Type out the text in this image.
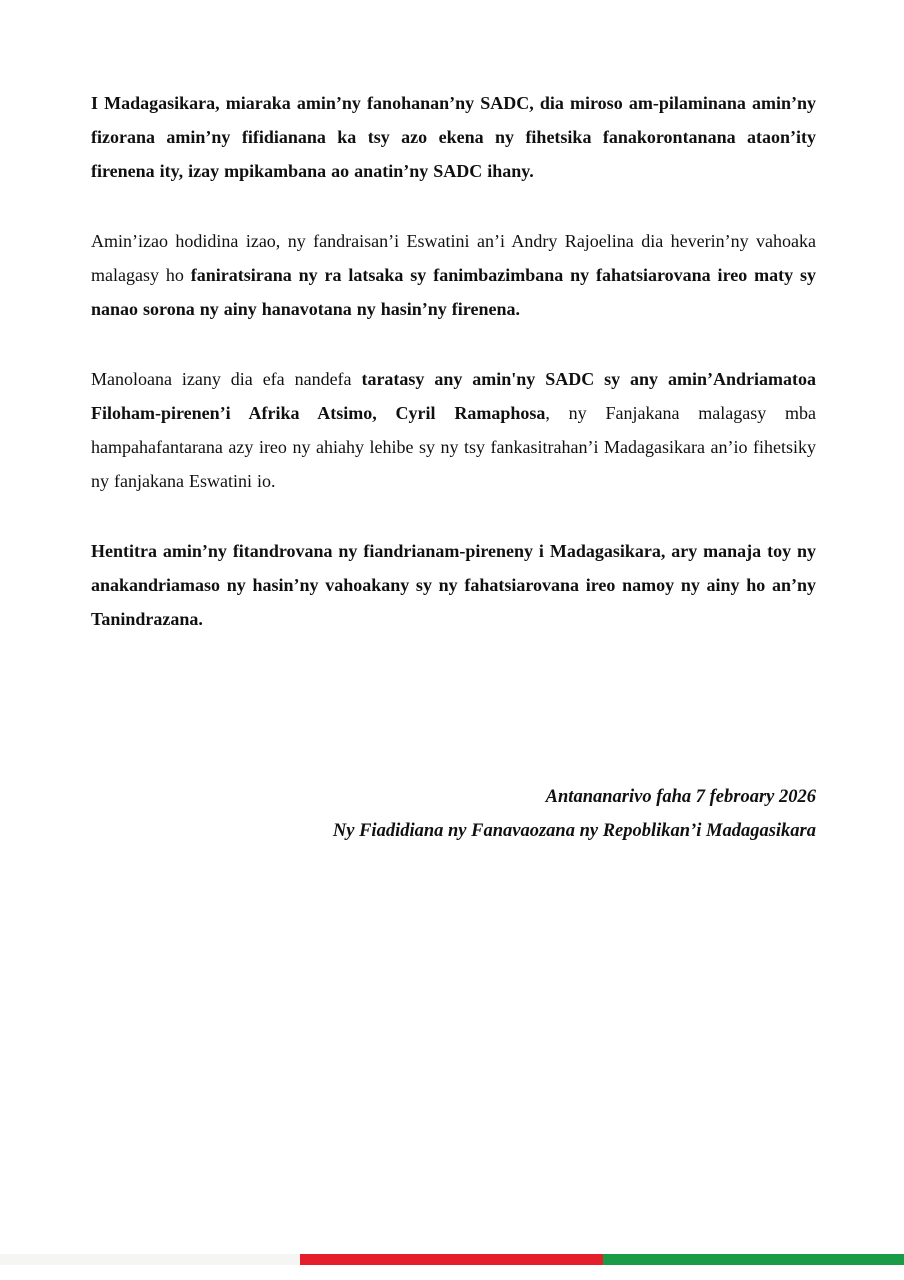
I Madagasikara, miaraka amin’ny fanohanan’ny SADC, dia miroso am-pilaminana amin’ny fizorana amin’ny fifidianana ka tsy azo ekena ny fihetsika fanakorontanana ataon’ity firenena ity, izay mpikambana ao anatin’ny SADC ihany.

Amin’izao hodidina izao, ny fandraisan’i Eswatini an’i Andry Rajoelina dia heverin’ny vahoaka malagasy ho faniratsirana ny ra latsaka sy fanimbazimbana ny fahatsiarovana ireo maty sy nanao sorona ny ainy hanavotana ny hasin’ny firenena.

Manoloana izany dia efa nandefa taratasy any amin'ny SADC sy any amin’Andriamatoa Filoham-pirenen’i Afrika Atsimo, Cyril Ramaphosa, ny Fanjakana malagasy mba hampahafantarana azy ireo ny ahiahy lehibe sy ny tsy fankasitrahan’i Madagasikara an’io fihetsiky ny fanjakana Eswatini io.

Hentitra amin’ny fitandrovana ny fiandrianam-pireneny i Madagasikara, ary manaja toy ny anakandriamaso ny hasin’ny vahoakany sy ny fahatsiarovana ireo namoy ny ainy ho an’ny Tanindrazana.

Antananarivo faha 7 febroary 2026

Ny Fiadidiana ny Fanavaozana ny Repoblikan’i Madagasikara
